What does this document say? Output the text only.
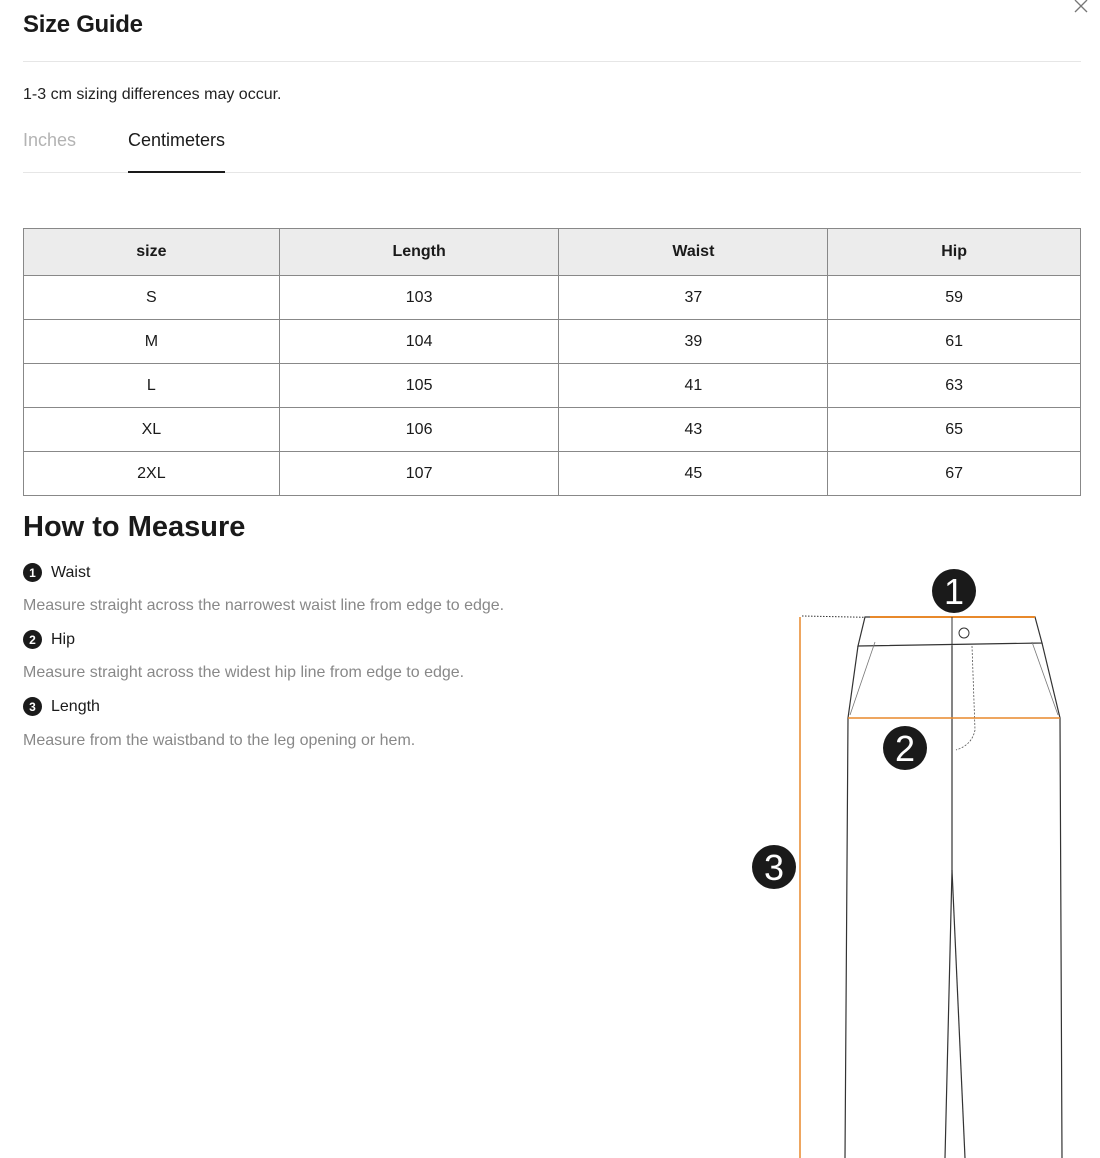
Size Guide
1-3 cm sizing differences may occur.
Inches	Centimeters
size	Length	Waist	Hip
S	103	37	59
M	104	39	61
L	105	41	63
XL	106	43	65
2XL	107	45	67
How to Measure
1 Waist
Measure straight across the narrowest waist line from edge to edge.
2 Hip
Measure straight across the widest hip line from edge to edge.
3 Length
Measure from the waistband to the leg opening or hem.
1
2
3
